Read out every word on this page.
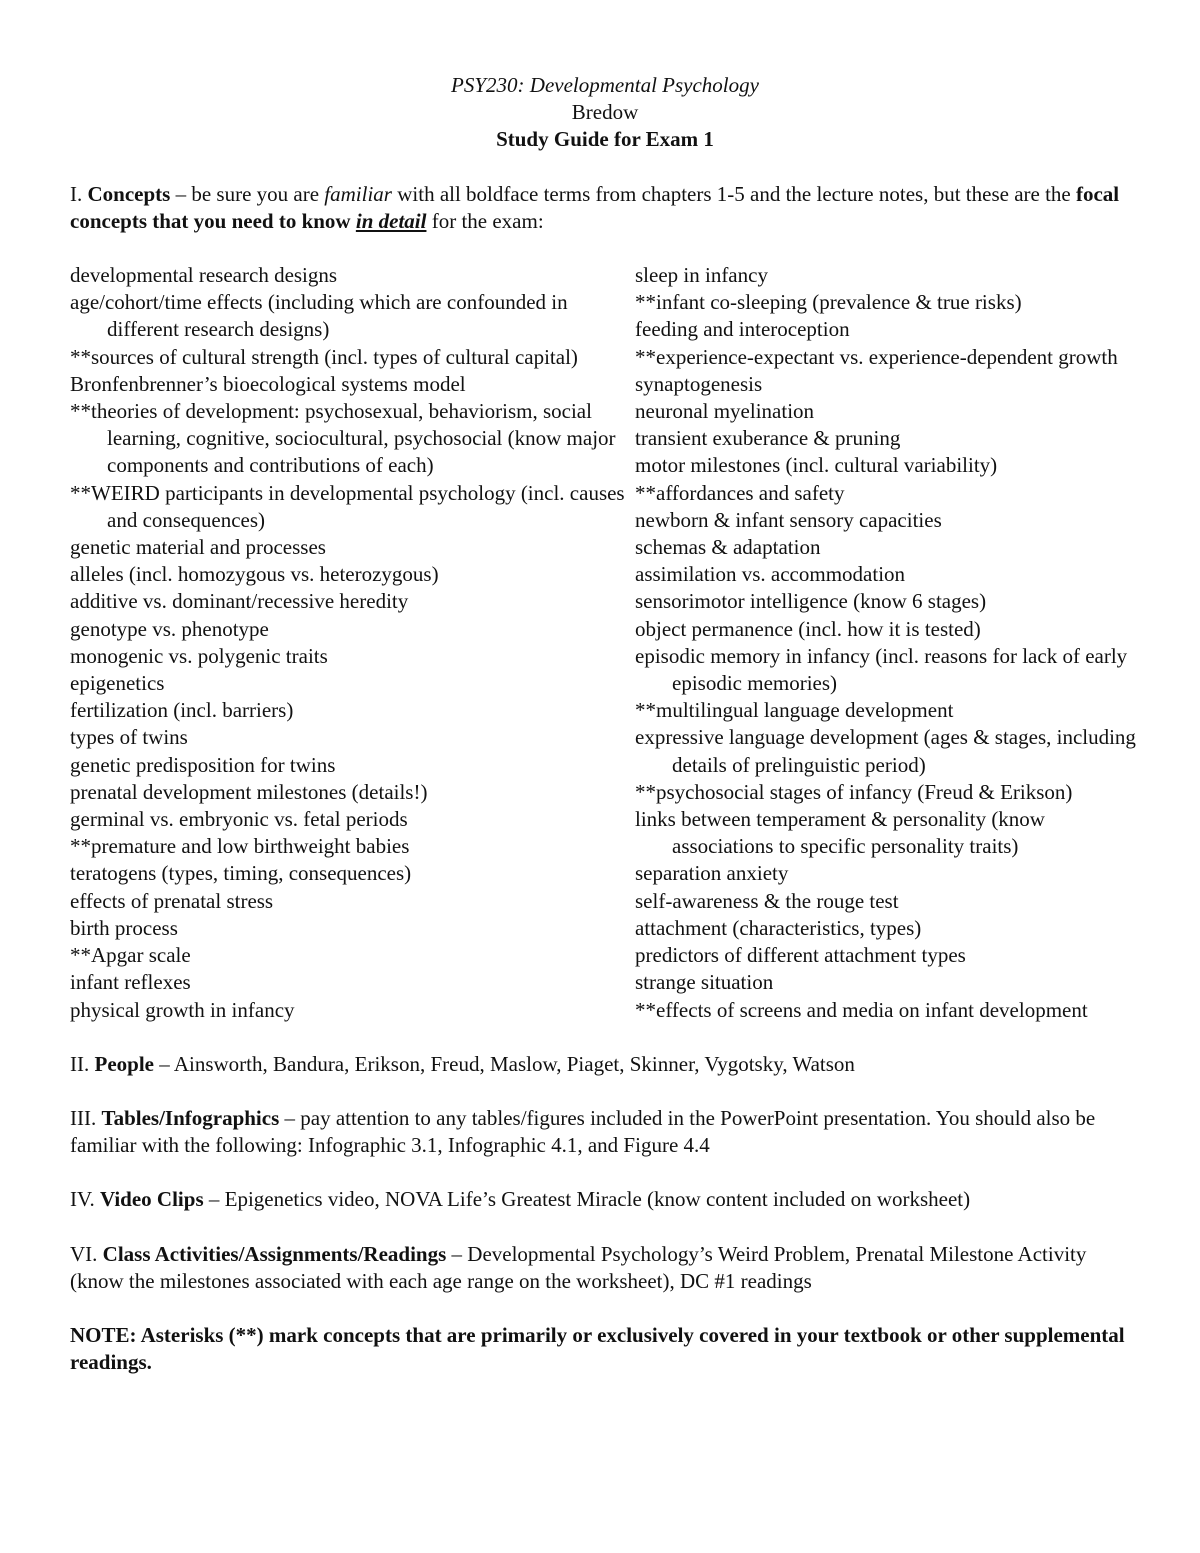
PSY230: Developmental Psychology

Bredow

Study Guide for Exam 1

I. Concepts – be sure you are familiar with all boldface terms from chapters 1-5 and the lecture notes, but these are the focal concepts that you need to know in detail for the exam:

developmental research designs
age/cohort/time effects (including which are confounded in different research designs)
**sources of cultural strength (incl. types of cultural capital)
Bronfenbrenner’s bioecological systems model
**theories of development: psychosexual, behaviorism, social learning, cognitive, sociocultural, psychosocial (know major components and contributions of each)
**WEIRD participants in developmental psychology (incl. causes and consequences)
genetic material and processes
alleles (incl. homozygous vs. heterozygous)
additive vs. dominant/recessive heredity
genotype vs. phenotype
monogenic vs. polygenic traits
epigenetics
fertilization (incl. barriers)
types of twins
genetic predisposition for twins
prenatal development milestones (details!)
germinal vs. embryonic vs. fetal periods
**premature and low birthweight babies
teratogens (types, timing, consequences)
effects of prenatal stress
birth process
**Apgar scale
infant reflexes
physical growth in infancy
sleep in infancy
**infant co-sleeping (prevalence & true risks)
feeding and interoception
**experience-expectant vs. experience-dependent growth
synaptogenesis
neuronal myelination
transient exuberance & pruning
motor milestones (incl. cultural variability)
**affordances and safety
newborn & infant sensory capacities
schemas & adaptation
assimilation vs. accommodation
sensorimotor intelligence (know 6 stages)
object permanence (incl. how it is tested)
episodic memory in infancy (incl. reasons for lack of early episodic memories)
**multilingual language development
expressive language development (ages & stages, including details of prelinguistic period)
**psychosocial stages of infancy (Freud & Erikson)
links between temperament & personality (know associations to specific personality traits)
separation anxiety
self-awareness & the rouge test
attachment (characteristics, types)
predictors of different attachment types
strange situation
**effects of screens and media on infant development

II. People – Ainsworth, Bandura, Erikson, Freud, Maslow, Piaget, Skinner, Vygotsky, Watson

III. Tables/Infographics – pay attention to any tables/figures included in the PowerPoint presentation. You should also be familiar with the following: Infographic 3.1, Infographic 4.1, and Figure 4.4

IV. Video Clips – Epigenetics video, NOVA Life’s Greatest Miracle (know content included on worksheet)

VI. Class Activities/Assignments/Readings – Developmental Psychology’s Weird Problem, Prenatal Milestone Activity (know the milestones associated with each age range on the worksheet), DC #1 readings

NOTE: Asterisks (**) mark concepts that are primarily or exclusively covered in your textbook or other supplemental readings.
